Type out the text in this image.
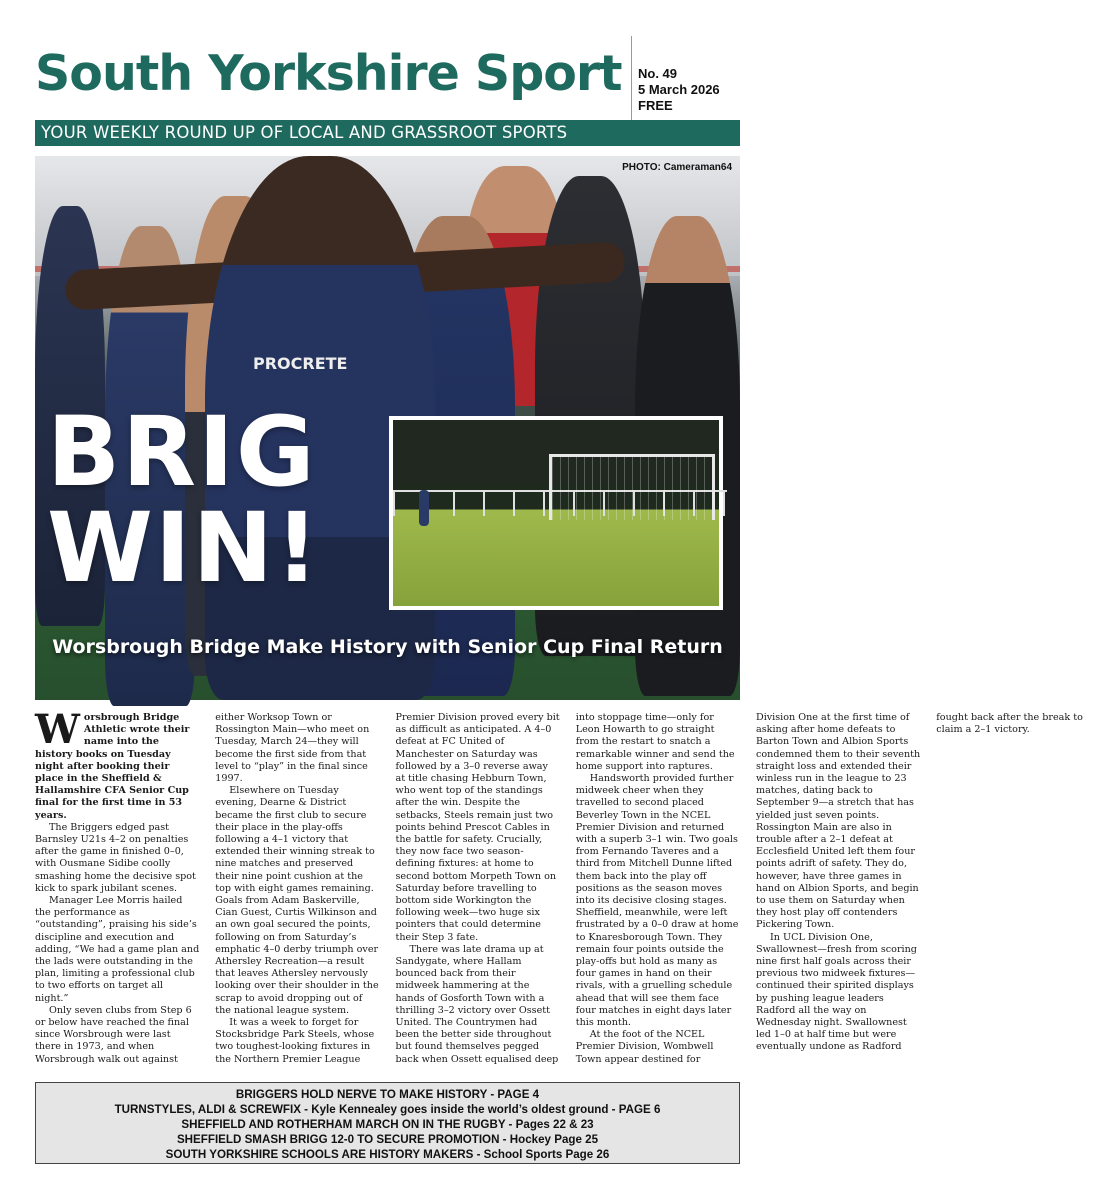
South Yorkshire Sport No. 49
5 March 2026
FREE
YOUR WEEKLY ROUND UP OF LOCAL AND GRASSROOT SPORTS
PROCRETE
PHOTO: Cameraman64
BRIG
WIN!
Worsbrough Bridge Make History with Senior Cup Final Return

Worsbrough Bridge Athletic wrote their name into the history books on Tuesday night after booking their place in the Sheffield & Hallamshire CFA Senior Cup final for the first time in 53 years.

The Briggers edged past Barnsley U21s 4–2 on penalties after the game in finished 0–0, with Ousmane Sidibe coolly smashing home the decisive spot kick to spark jubilant scenes.

Manager Lee Morris hailed the performance as “outstanding”, praising his side’s discipline and execution and adding, “We had a game plan and the lads were outstanding in the plan, limiting a professional club to two efforts on target all night.”

Only seven clubs from Step 6 or below have reached the final since Worsbrough were last there in 1973, and when Worsbrough walk out against either Worksop Town or Rossington Main—who meet on Tuesday, March 24—they will become the first side from that level to “play” in the final since 1997.

Elsewhere on Tuesday evening, Dearne & District became the first club to secure their place in the play-offs following a 4–1 victory that extended their winning streak to nine matches and preserved their nine point cushion at the top with eight games remaining. Goals from Adam Baskerville, Cian Guest, Curtis Wilkinson and an own goal secured the points, following on from Saturday’s emphatic 4–0 derby triumph over Athersley Recreation—a result that leaves Athersley nervously looking over their shoulder in the scrap to avoid dropping out of the national league system.

It was a week to forget for Stocksbridge Park Steels, whose two toughest-looking fixtures in the Northern Premier League Premier Division proved every bit as difficult as anticipated. A 4–0 defeat at FC United of Manchester on Saturday was followed by a 3–0 reverse away at title chasing Hebburn Town, who went top of the standings after the win. Despite the setbacks, Steels remain just two points behind Prescot Cables in the battle for safety. Crucially, they now face two season-defining fixtures: at home to second bottom Morpeth Town on Saturday before travelling to bottom side Workington the following week—two huge six pointers that could determine their Step 3 fate.

There was late drama up at Sandygate, where Hallam bounced back from their midweek hammering at the hands of Gosforth Town with a thrilling 3–2 victory over Ossett United. The Countrymen had been the better side throughout but found themselves pegged back when Ossett equalised deep into stoppage time—only for Leon Howarth to go straight from the restart to snatch a remarkable winner and send the home support into raptures.

Handsworth provided further midweek cheer when they travelled to second placed Beverley Town in the NCEL Premier Division and returned with a superb 3–1 win. Two goals from Fernando Taveres and a third from Mitchell Dunne lifted them back into the play off positions as the season moves into its decisive closing stages. Sheffield, meanwhile, were left frustrated by a 0–0 draw at home to Knaresborough Town. They remain four points outside the play-offs but hold as many as four games in hand on their rivals, with a gruelling schedule ahead that will see them face four matches in eight days later this month.

At the foot of the NCEL Premier Division, Wombwell Town appear destined for Division One at the first time of asking after home defeats to Barton Town and Albion Sports condemned them to their seventh straight loss and extended their winless run in the league to 23 matches, dating back to September 9—a stretch that has yielded just seven points. Rossington Main are also in trouble after a 2–1 defeat at Ecclesfield United left them four points adrift of safety. They do, however, have three games in hand on Albion Sports, and begin to use them on Saturday when they host play off contenders Pickering Town.

In UCL Division One, Swallownest—fresh from scoring nine first half goals across their previous two midweek fixtures—continued their spirited displays by pushing league leaders Radford all the way on Wednesday night. Swallownest led 1–0 at half time but were eventually undone as Radford fought back after the break to claim a 2–1 victory.

BRIGGERS HOLD NERVE TO MAKE HISTORY - PAGE 4
TURNSTYLES, ALDI & SCREWFIX - Kyle Kennealey goes inside the world’s oldest ground - PAGE 6
SHEFFIELD AND ROTHERHAM MARCH ON IN THE RUGBY - Pages 22 & 23
SHEFFIELD SMASH BRIGG 12-0 TO SECURE PROMOTION - Hockey Page 25
SOUTH YORKSHIRE SCHOOLS ARE HISTORY MAKERS - School Sports Page 26
